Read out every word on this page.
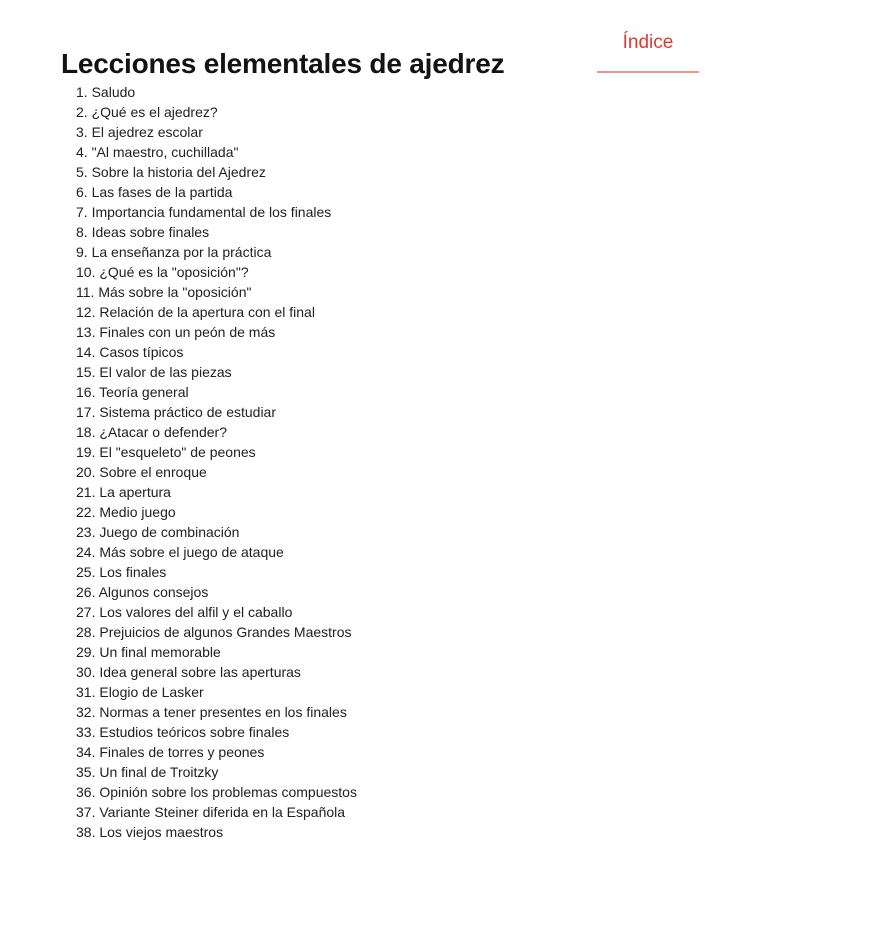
Lecciones elementales de ajedrez
Índice
1. Saludo
2. ¿Qué es el ajedrez?
3. El ajedrez escolar
4. "Al maestro, cuchillada"
5. Sobre la historia del Ajedrez
6. Las fases de la partida
7. Importancia fundamental de los finales
8. Ideas sobre finales
9. La enseñanza por la práctica
10. ¿Qué es la "oposición"?
11. Más sobre la "oposición"
12. Relación de la apertura con el final
13. Finales con un peón de más
14. Casos típicos
15. El valor de las piezas
16. Teoría general
17. Sistema práctico de estudiar
18. ¿Atacar o defender?
19. El "esqueleto" de peones
20. Sobre el enroque
21. La apertura
22. Medio juego
23. Juego de combinación
24. Más sobre el juego de ataque
25. Los finales
26. Algunos consejos
27. Los valores del alfil y el caballo
28. Prejuicios de algunos Grandes Maestros
29. Un final memorable
30. Idea general sobre las aperturas
31. Elogio de Lasker
32. Normas a tener presentes en los finales
33. Estudios teóricos sobre finales
34. Finales de torres y peones
35. Un final de Troitzky
36. Opinión sobre los problemas compuestos
37. Variante Steiner diferida en la Española
38. Los viejos maestros
